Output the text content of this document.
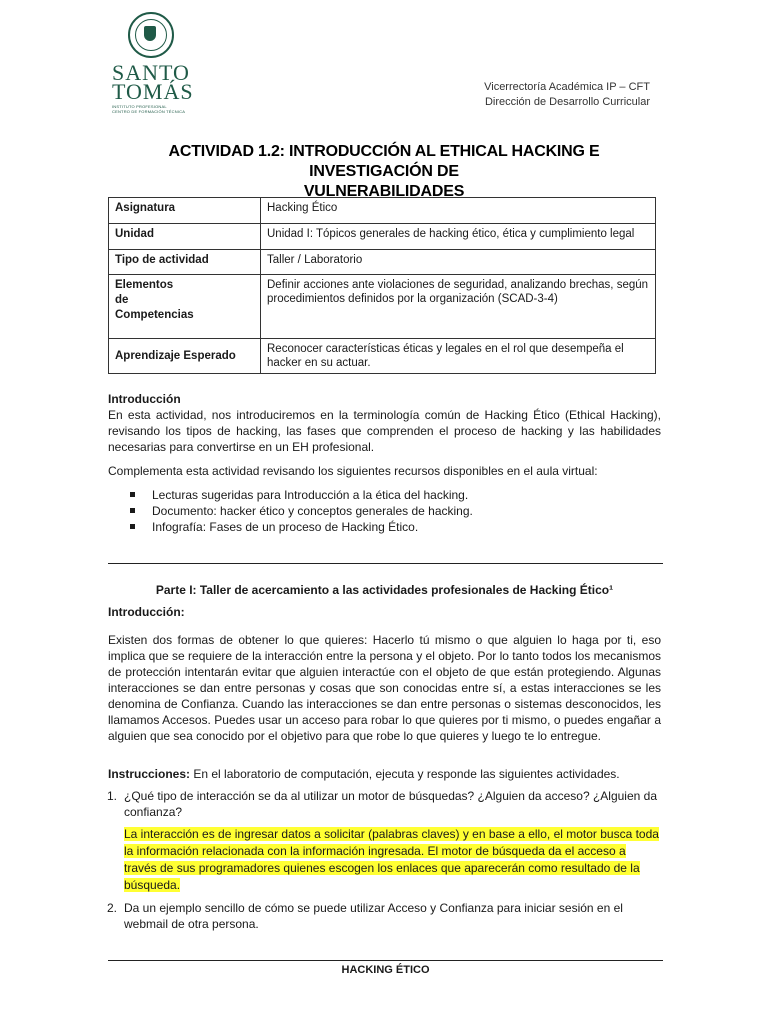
SANTO
TOMÁS
INSTITUTO PROFESIONAL
CENTRO DE FORMACIÓN TÉCNICA
Vicerrectoría Académica IP – CFT
Dirección de Desarrollo Curricular
ACTIVIDAD 1.2: INTRODUCCIÓN AL ETHICAL HACKING E INVESTIGACIÓN DE
VULNERABILIDADES
Asignatura	Hacking Ético
Unidad	Unidad I: Tópicos generales de hacking ético, ética y cumplimiento legal
Tipo de actividad	Taller / Laboratorio

Elementos de Competencias	Definir acciones ante violaciones de seguridad, analizando brechas, según procedimientos definidos por la organización (SCAD-3-4)
Aprendizaje Esperado	Reconocer características éticas y legales en el rol que desempeña el hacker en su actuar.
Introducción
En esta actividad, nos introduciremos en la terminología común de Hacking Ético (Ethical Hacking), revisando los tipos de hacking, las fases que comprenden el proceso de hacking y las habilidades necesarias para convertirse en un EH profesional.
Complementa esta actividad revisando los siguientes recursos disponibles en el aula virtual:
Lecturas sugeridas para Introducción a la ética del hacking.
Documento: hacker ético y conceptos generales de hacking.
Infografía: Fases de un proceso de Hacking Ético.
Parte I: Taller de acercamiento a las actividades profesionales de Hacking Ético¹
Introducción:
Existen dos formas de obtener lo que quieres: Hacerlo tú mismo o que alguien lo haga por ti, eso implica que se requiere de la interacción entre la persona y el objeto. Por lo tanto todos los mecanismos de protección intentarán evitar que alguien interactúe con el objeto de que están protegiendo. Algunas interacciones se dan entre personas y cosas que son conocidas entre sí, a estas interacciones se les denomina de Confianza. Cuando las interacciones se dan entre personas o sistemas desconocidos, les llamamos Accesos. Puedes usar un acceso para robar lo que quieres por ti mismo, o puedes engañar a alguien que sea conocido por el objetivo para que robe lo que quieres y luego te lo entregue.
Instrucciones: En el laboratorio de computación, ejecuta y responde las siguientes actividades.
1. ¿Qué tipo de interacción se da al utilizar un motor de búsquedas? ¿Alguien da acceso? ¿Alguien da confianza?
La interacción es de ingresar datos a solicitar (palabras claves) y en base a ello, el motor busca toda la información relacionada con la información ingresada. El motor de búsqueda da el acceso a través de sus programadores quienes escogen los enlaces que aparecerán como resultado de la búsqueda.
2. Da un ejemplo sencillo de cómo se puede utilizar Acceso y Confianza para iniciar sesión en el webmail de otra persona.
HACKING ÉTICO
